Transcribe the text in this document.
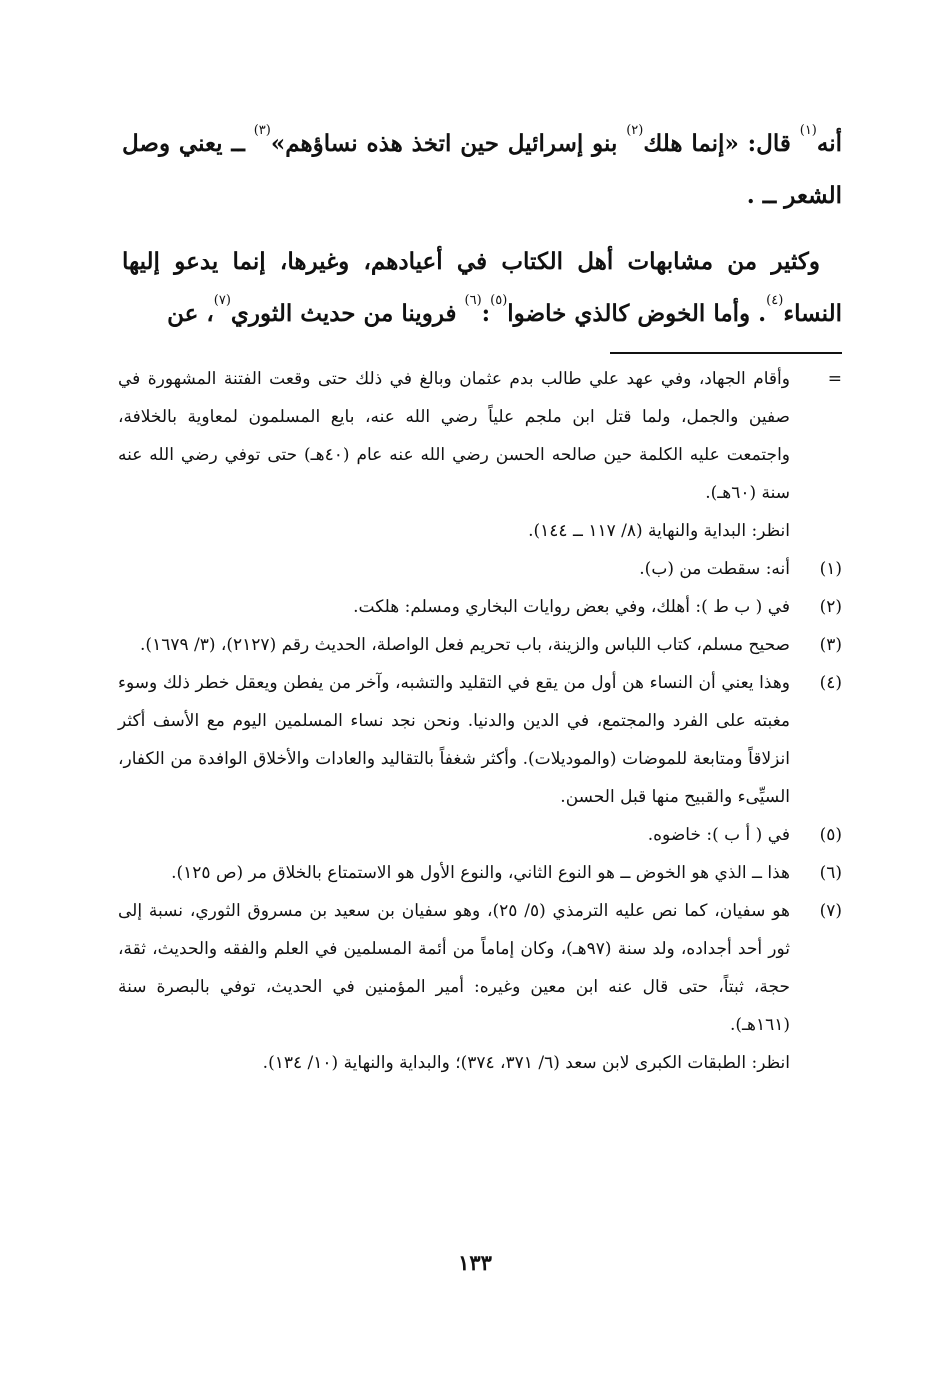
أنه$^{(١)}$ قال: «إنما هلك$^{(٢)}$ بنو إسرائيل حين اتخذ هذه نساؤهم»$^{(٣)}$ ــ يعني وصل الشعر ــ .

وكثير من مشابهات أهل الكتاب في أعيادهم، وغيرها، إنما يدعو إليها النساء$^{(٤)}$. وأما الخوض كالذي خاضوا$^{(٥)}$:$^{(٦)}$ فروينا من حديث الثوري$^{(٧)}$، عن

=

وأقام الجهاد، وفي عهد علي طالب بدم عثمان وبالغ في ذلك حتى وقعت الفتنة المشهورة في صفين والجمل، ولما قتل ابن ملجم علياً رضي الله عنه، بايع المسلمون لمعاوية بالخلافة، واجتمعت عليه الكلمة حين صالحه الحسن رضي الله عنه عام (٤٠هـ) حتى توفي رضي الله عنه سنة (٦٠هـ).

انظر: البداية والنهاية (٨/ ١١٧ ــ ١٤٤).

(١)

أنه: سقطت من (ب).

(٢)

في ( ب ط ): أهلك، وفي بعض روايات البخاري ومسلم: هلكت.

(٣)

صحيح مسلم، كتاب اللباس والزينة، باب تحريم فعل الواصلة، الحديث رقم (٢١٢٧)، (٣/ ١٦٧٩).

(٤)

وهذا يعني أن النساء هن أول من يقع في التقليد والتشبه، وآخر من يفطن ويعقل خطر ذلك وسوء مغبته على الفرد والمجتمع، في الدين والدنيا. ونحن نجد نساء المسلمين اليوم مع الأسف أكثر انزلاقاً ومتابعة للموضات (والموديلات). وأكثر شغفاً بالتقاليد والعادات والأخلاق الوافدة من الكفار، السيِّىء والقبيح منها قبل الحسن.

(٥)

في ( أ ب ): خاضوه.

(٦)

هذا ــ الذي هو الخوض ــ هو النوع الثاني، والنوع الأول هو الاستمتاع بالخلاق مر (ص ١٢٥).

(٧)

هو سفيان، كما نص عليه الترمذي (٥/ ٢٥)، وهو سفيان بن سعيد بن مسروق الثوري، نسبة إلى ثور أحد أجداده، ولد سنة (٩٧هـ)، وكان إماماً من أئمة المسلمين في العلم والفقه والحديث، ثقة، حجة، ثبتاً، حتى قال عنه ابن معين وغيره: أمير المؤمنين في الحديث، توفي بالبصرة سنة (١٦١هـ).

انظر: الطبقات الكبرى لابن سعد (٦/ ٣٧١، ٣٧٤)؛ والبداية والنهاية (١٠/ ١٣٤).

١٣٣
